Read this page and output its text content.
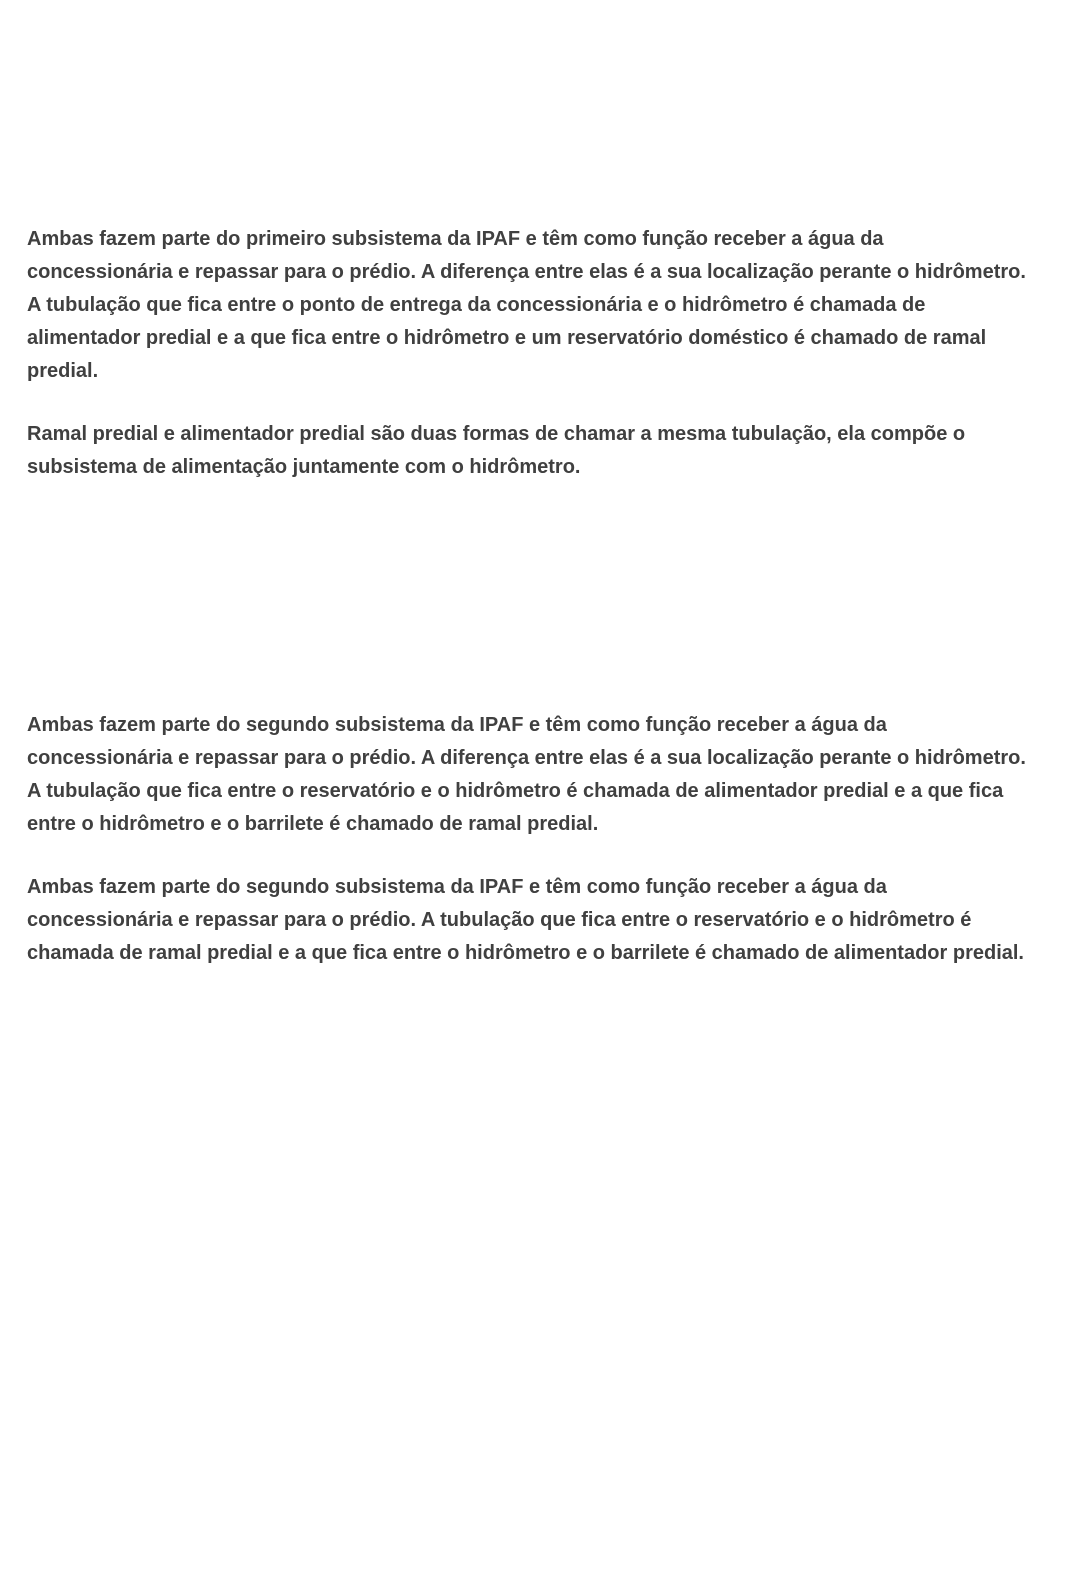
Ambas fazem parte do primeiro subsistema da IPAF e têm como função receber a água da concessionária e repassar para o prédio. A diferença entre elas é a sua localização perante o hidrômetro. A tubulação que fica entre o ponto de entrega da concessionária e o hidrômetro é chamada de alimentador predial e a que fica entre o hidrômetro e um reservatório doméstico é chamado de ramal predial.

Ramal predial e alimentador predial são duas formas de chamar a mesma tubulação, ela compõe o subsistema de alimentação juntamente com o hidrômetro.

Ambas fazem parte do segundo subsistema da IPAF e têm como função receber a água da concessionária e repassar para o prédio. A diferença entre elas é a sua localização perante o hidrômetro. A tubulação que fica entre o reservatório e o hidrômetro é chamada de alimentador predial e a que fica entre o hidrômetro e o barrilete é chamado de ramal predial.

Ambas fazem parte do segundo subsistema da IPAF e têm como função receber a água da concessionária e repassar para o prédio. A tubulação que fica entre o reservatório e o hidrômetro é chamada de ramal predial e a que fica entre o hidrômetro e o barrilete é chamado de alimentador predial.
